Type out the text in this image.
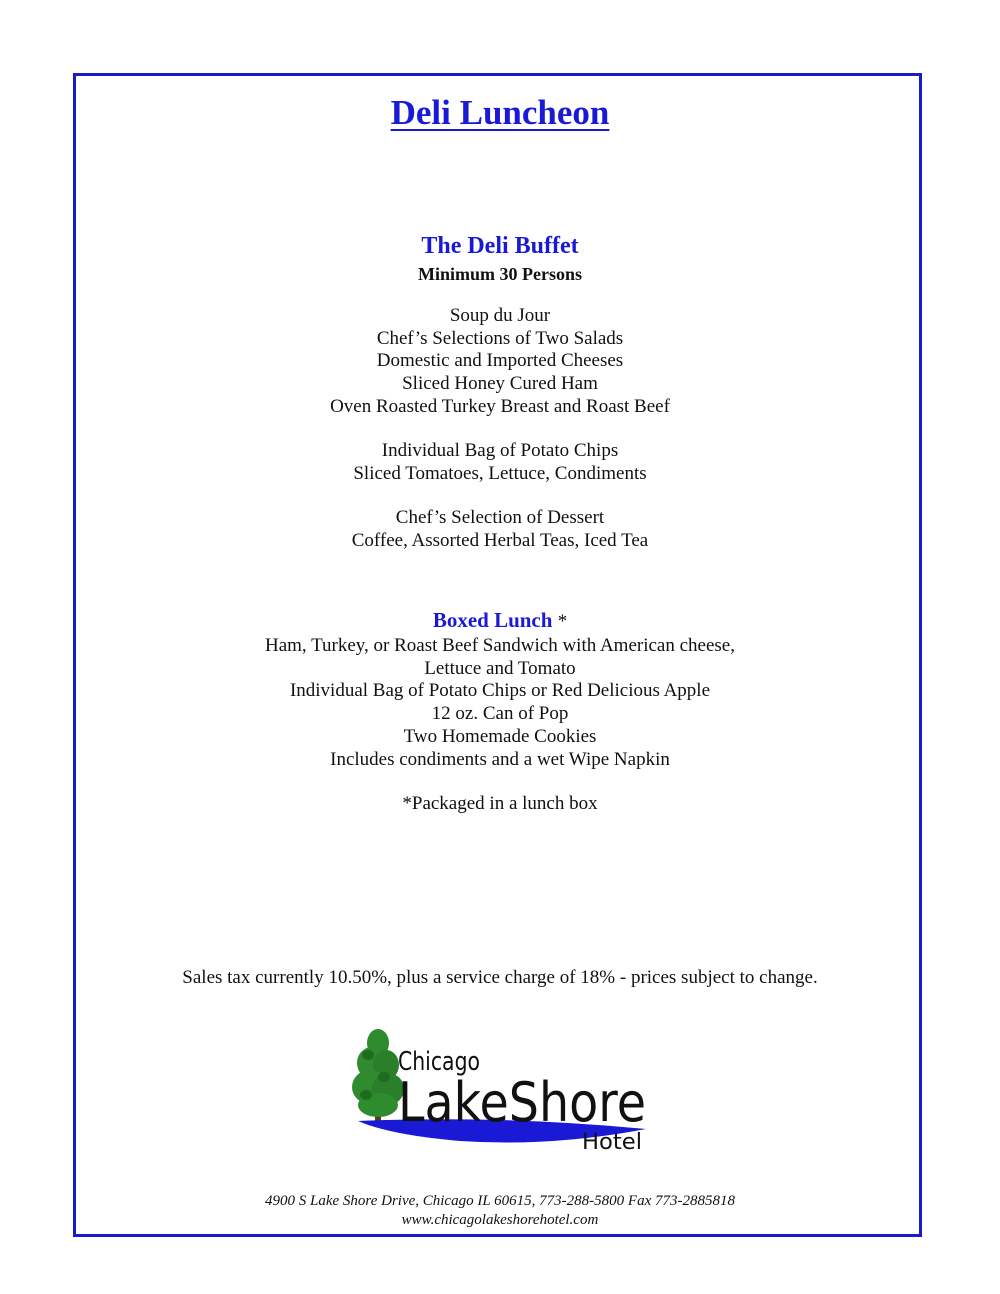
Deli Luncheon
The Deli Buffet
Minimum 30 Persons
Soup du Jour
Chef’s Selections of Two Salads
Domestic and Imported Cheeses
Sliced Honey Cured Ham
Oven Roasted Turkey Breast and Roast Beef
Individual Bag of Potato Chips
Sliced Tomatoes, Lettuce, Condiments
Chef’s Selection of Dessert
Coffee, Assorted Herbal Teas, Iced Tea
Boxed Lunch *
Ham, Turkey, or Roast Beef Sandwich with American cheese,
Lettuce and Tomato
Individual Bag of Potato Chips or Red Delicious Apple
12 oz. Can of Pop
Two Homemade Cookies
Includes condiments and a wet Wipe Napkin
*Packaged in a lunch box
Sales tax currently 10.50%, plus a service charge of 18% - prices subject to change.
Chicago
LakeShore
Hotel
4900 S Lake Shore Drive, Chicago IL 60615, 773-288-5800 Fax 773-2885818
www.chicagolakeshorehotel.com
